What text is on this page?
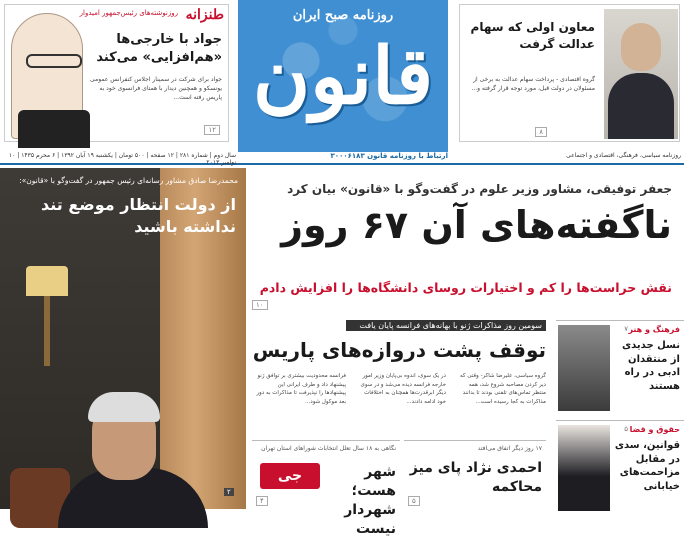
طنزانه
روزنوشته‌های رئیس‌جمهور امیدوار
جواد با خارجی‌ها «هم‌افزایی» می‌کند
جواد برای شرکت در سمینار اجلاس کنفرانس عمومی یونسکو و همچنین دیدار با همتای فرانسوی خود به پاریس رفته است...
۱۲
روزنامه صبح ایران
قانون
معاون اولی که سهام عدالت گرفت
گروه اقتصادی - پرداخت سهام عدالت به برخی از مسئولان در دولت قبل، مورد توجه قرار گرفته و...
۸
سال دوم | شماره ۲۸۱ | ۱۲ صفحه | ۵۰۰ تومان | یکشنبه ۱۹ آبان ۱۳۹۲ | ۶ محرم ۱۴۳۵ | ۱۰ نوامبر ۲۰۱۳
ارتباط با روزنامه قانون ۳۰۰۰۶۱۸۳	روزنامه سیاسی، فرهنگی، اقتصادی و اجتماعی
محمدرضا صادق مشاور رسانه‌ای رئیس جمهور در گفت‌وگو با «قانون»:
از دولت انتظار موضع تند نداشته باشید
۲
جعفر توفیقی، مشاور وزیر علوم در گفت‌وگو با «قانون» بیان کرد
ناگفته‌های آن ۶۷ روز
نقش حراست‌ها را کم و اختیارات روسای دانشگاه‌ها را افزایش دادم
۱۰
سومین روز مذاکرات ژنو با بهانه‌های فرانسه پایان یافت
توقف پشت دروازه‌های پاریس
گروه سیاسی، علیرضا شاکر- وقتی که دیر کردن مصاحبه شروع شد، همه منتظر تماس‌های تلفنی بودند تا بدانند مذاکرات به کجا رسیده است...
در یک سوی، اندوه بی‌پایان وزیر امور خارجه فرانسه دیده می‌شد و در سوی دیگر ابرقدرت‌ها همچنان به اختلافات خود ادامه دادند...
فرانسه محدودیت بیشتری بر توافق ژنو پیشنهاد داد و طرف ایرانی این پیشنهادها را نپذیرفت تا مذاکرات به دور بعد موکول شود...
فرهنگ و هنر
نسل جدیدی از منتقدان ادبی در راه هستند
۷
حقوق و قضا
قوانین، سدی در مقابل مزاحمت‌های خیابانی
۵
۱۷ روز دیگر اتفاق می‌افتد
احمدی نژاد پای میز محاکمه
۵
نگاهی به ۱۸ سال تعلل انتخابات شوراهای استان تهران
شهر هست؛ شهردار نیست
جی
۴
